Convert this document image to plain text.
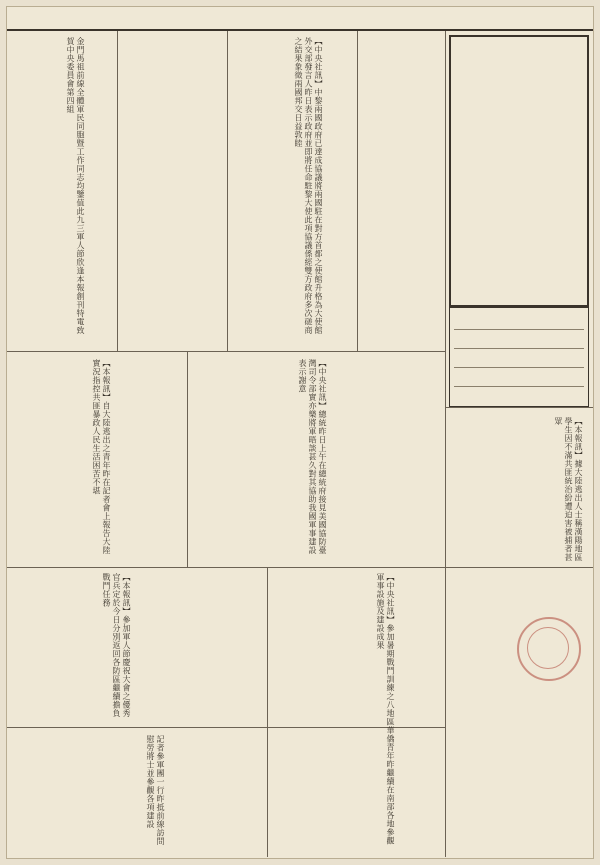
【中央社訊】中黎兩國政府已達成協議將兩國駐在對方首都之使館升格為大使館外交部發言人昨日表示政府並即將任命駐黎大使此項協議係經雙方政府多次磋商之結果象徵兩國邦交日益敦睦
金門馬祖前線全體軍民同胞暨工作同志均鑒值此九三軍人節欣逢本報創刊特電致賀中央委員會第四組
【本報訊】自大陸逃出之青年昨在記者會上報告大陸實況指控共匪暴政人民生活困苦不堪	【中央社訊】總統昨日上午在總統府接見美國協防臺灣司令部實亦樂將軍晤談甚久對其協助我國軍事建設表示謝意
【本報訊】參加軍人節慶祝大會之優秀官兵定於今日分別返回各防區繼續擔負戰鬥任務	【中央社訊】參加暑期戰鬥訓練之八地區華僑青年昨繼續在南部各地參觀軍事設施及建設成果
【本報訊】據大陸逃出人士稱漢陽地區學生因不滿共匪統治紛遭迫害被捕者甚眾
記者參軍團一行昨抵前線訪問慰勞將士並參觀各項建設
